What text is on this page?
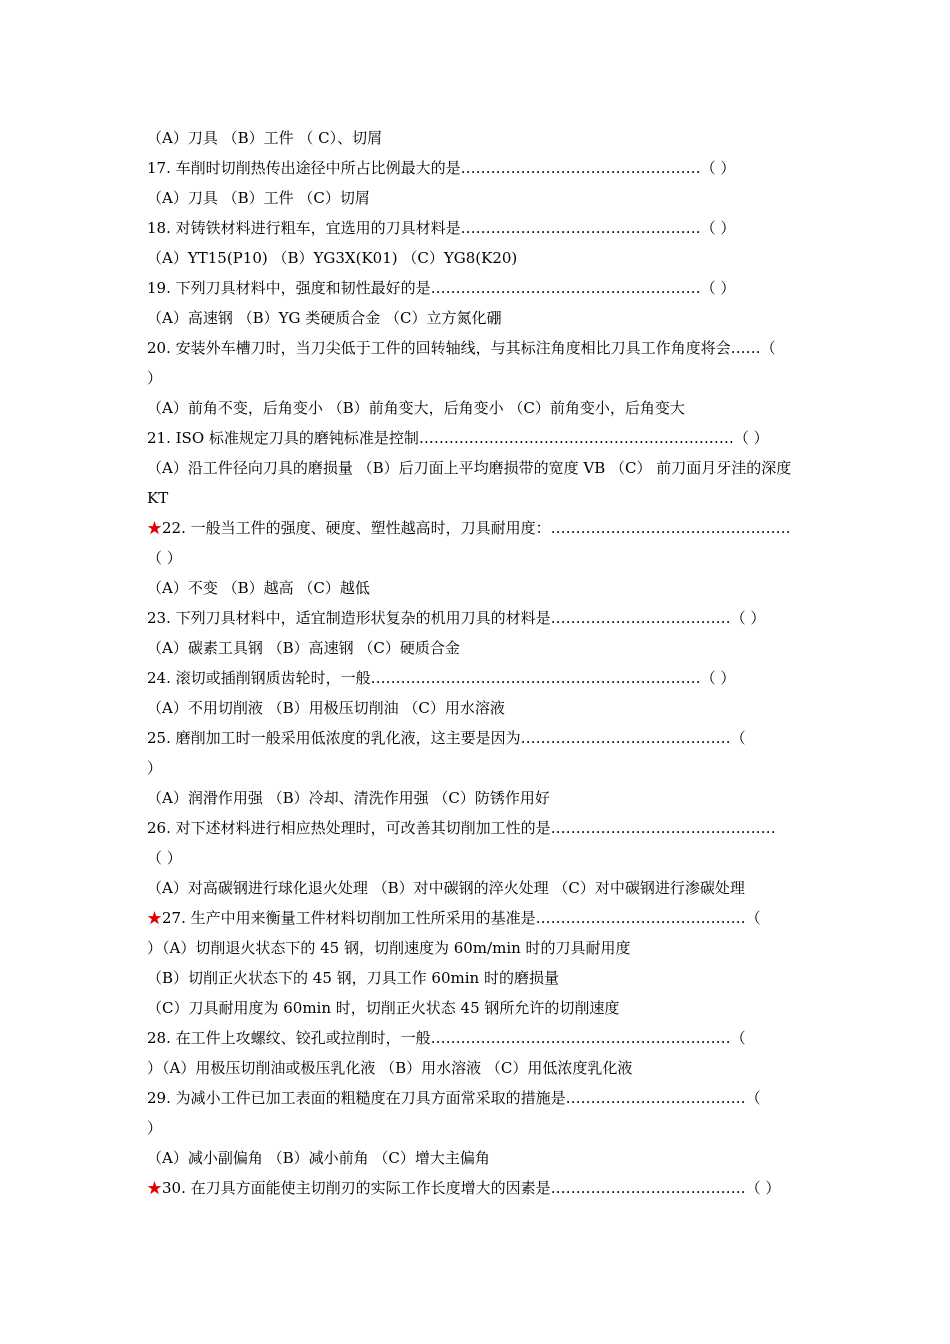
（A）刀具 （B）工件 （ C）、切屑
17. 车削时切削热传出途径中所占比例最大的是…………………………………………（ ）
（A）刀具 （B）工件 （C）切屑
18. 对铸铁材料进行粗车，宜选用的刀具材料是…………………………………………（ ）
（A）YT15(P10) （B）YG3X(K01) （C）YG8(K20)
19. 下列刀具材料中，强度和韧性最好的是………………………………………………（ ）
（A）高速钢 （B）YG 类硬质合金 （C）立方氮化硼
20. 安装外车槽刀时，当刀尖低于工件的回转轴线，与其标注角度相比刀具工作角度将会……（
）
（A）前角不变，后角变小 （B）前角变大，后角变小 （C）前角变小，后角变大
21. ISO 标准规定刀具的磨钝标准是控制………………………………………………………（ ）
（A）沿工件径向刀具的磨损量 （B）后刀面上平均磨损带的宽度 VB （C） 前刀面月牙洼的深度
KT
★22. 一般当工件的强度、硬度、塑性越高时，刀具耐用度：…………………………………………
（ ）
（A）不变 （B）越高 （C）越低
23. 下列刀具材料中，适宜制造形状复杂的机用刀具的材料是………………………………（ ）
（A）碳素工具钢 （B）高速钢 （C）硬质合金
24. 滚切或插削钢质齿轮时，一般…………………………………………………………（ ）
（A）不用切削液 （B）用极压切削油 （C）用水溶液
25. 磨削加工时一般采用低浓度的乳化液，这主要是因为……………………………………（
）
（A）润滑作用强 （B）冷却、清洗作用强 （C）防锈作用好
26. 对下述材料进行相应热处理时，可改善其切削加工性的是………………………………………
（ ）
（A）对高碳钢进行球化退火处理 （B）对中碳钢的淬火处理 （C）对中碳钢进行渗碳处理
★27. 生产中用来衡量工件材料切削加工性所采用的基准是……………………………………（
）（A）切削退火状态下的 45 钢，切削速度为 60m/min 时的刀具耐用度
（B）切削正火状态下的 45 钢，刀具工作 60min 时的磨损量
（C）刀具耐用度为 60min 时，切削正火状态 45 钢所允许的切削速度
28. 在工件上攻螺纹、铰孔或拉削时，一般……………………………………………………（
）（A）用极压切削油或极压乳化液 （B）用水溶液 （C）用低浓度乳化液
29. 为减小工件已加工表面的粗糙度在刀具方面常采取的措施是………………………………（
）
（A）减小副偏角 （B）减小前角 （C）增大主偏角
★30. 在刀具方面能使主切削刃的实际工作长度增大的因素是…………………………………（ ）
